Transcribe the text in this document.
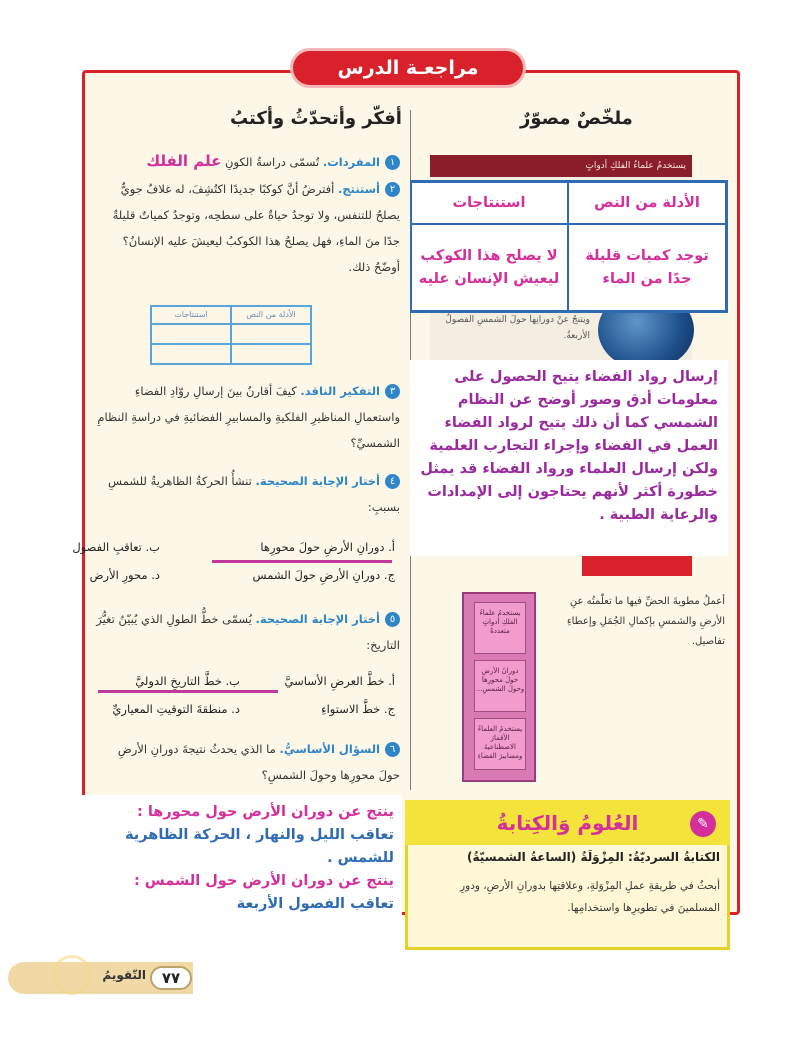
مراجعـة الدرس
ملخّصٌ مصوّرٌ
يستخدمُ علماءُ الفلكِ أدواتٍ
ويتنجُ عنْ دورانِها حولَ الشمسِ الفصولُ الأربعةُ.
الأدلة من النص
استنتاجات
توجد كميات قليلة جدًا من الماء
لا يصلح هذا الكوكب ليعيش الإنسان عليه
إرسال رواد الفضاء يتيح الحصول على معلومات أدق وصور أوضح عن النظام الشمسي كما أن ذلك يتيح لرواد الفضاء العمل في الفضاء وإجراء التجارب العلمية ولكن إرسال العلماء ورواد الفضاء قد يمثل خطورة أكثر لأنهم يحتاجون إلى الإمدادات والرعاية الطبية .
أعملُ مطويةَ الحضِّ فيها ما تعلّمتُه عنِ الأرضِ والشمسِ بإكمالِ الجُمَلِ وإعطاءِ تفاصيل.
يستخدمُ علماءُ الفلكِ أدواتٍ متعددةً
دورانُ الأرضِ حولَ محورِها وحولَ الشمسِ...
يستخدمُ العلماءُ الأقمارَ الاصطناعيةَ ومسابيرَ الفضاءِ
أفكّر وأتحدّثُ وأكتبُ
١المفردات. تُسمّى دراسةُ الكونِ علم الفلك
٢أستنتج. أفترضُ أنَّ كوكبًا جديدًا اكتُشِفَ، له غلافٌ جويٌّ يصلحُ للتنفس، ولا توجدُ حياةٌ على سطحِه، وتوجدُ كمياتٌ قليلةٌ جدًا منَ الماءِ، فهل يصلحُ هذا الكوكبُ ليعيشَ عليه الإنسانُ؟ أوضّحُ ذلك.
الأدلة من النص
استنتاجات
٣التفكير الناقد. كيفَ أقارنُ بينَ إرسالِ روّادِ الفضاءِ واستعمالِ المناظيرِ الفلكيةِ والمسابيرِ الفضائيةِ في دراسةِ النظامِ الشمسيِّ؟
٤أختار الإجابة الصحيحة. تنشأُ الحركةُ الظاهريةُ للشمسِ بسببِ:
أ. دورانِ الأرضِ حولَ محورِها
ب. تعاقبِ الفصول
ج. دورانِ الأرضِ حولَ الشمس
د. محورِ الأرض
٥أختار الإجابة الصحيحة. يُسمّى خطُّ الطولِ الذي يُبيّنُ تغيُّرَ التاريخ:
أ. خطَّ العرضِ الأساسيَّ
ب. خطَّ التاريخِ الدوليَّ
ج. خطَّ الاستواءِ
د. منطقةَ التوقيتِ المعياريِّ
٦السؤال الأساسيُّ. ما الذي يحدثُ نتيجةَ دورانِ الأرضِ حولَ محورِها وحولَ الشمسِ؟
العُلومُ وَالكِتابةُ	✎
الكتابةُ السرديّةُ: المِزْوَلَةُ (الساعةُ الشمسيّةُ)
أبحثُ في طريقةِ عملِ المِزْوَلةِ، وعلاقتِها بدورانِ الأرضِ، ودورِ المسلمينَ في تطويرِها واستخدامِها.
ينتج عن دوران الأرض حول محورها :
تعاقب الليل والنهار ، الحركة الظاهرية للشمس .
ينتج عن دوران الأرض حول الشمس :
تعاقب الفصول الأربعة
٧٧
التّقويمُ
